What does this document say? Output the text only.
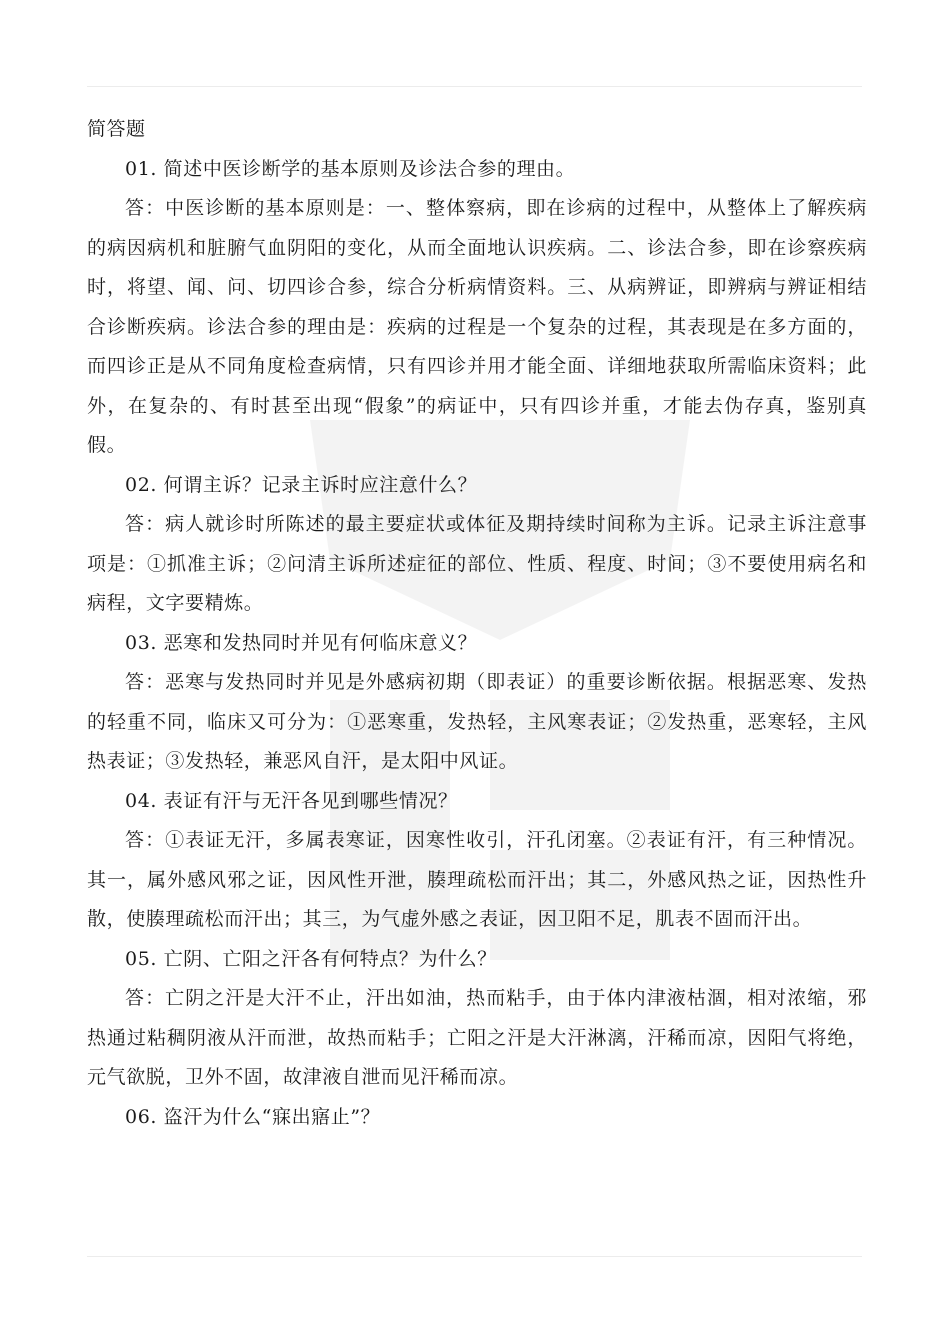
简答题

01. 简述中医诊断学的基本原则及诊法合参的理由。

答：中医诊断的基本原则是：一、整体察病，即在诊病的过程中，从整体上了解疾病的病因病机和脏腑气血阴阳的变化，从而全面地认识疾病。二、诊法合参，即在诊察疾病时，将望、闻、问、切四诊合参，综合分析病情资料。三、从病辨证，即辨病与辨证相结合诊断疾病。诊法合参的理由是：疾病的过程是一个复杂的过程，其表现是在多方面的，而四诊正是从不同角度检查病情，只有四诊并用才能全面、详细地获取所需临床资料；此外，在复杂的、有时甚至出现“假象”的病证中，只有四诊并重，才能去伪存真，鉴别真假。

02. 何谓主诉？记录主诉时应注意什么？

答：病人就诊时所陈述的最主要症状或体征及期持续时间称为主诉。记录主诉注意事项是：①抓准主诉；②问清主诉所述症征的部位、性质、程度、时间；③不要使用病名和病程，文字要精炼。

03. 恶寒和发热同时并见有何临床意义？

答：恶寒与发热同时并见是外感病初期（即表证）的重要诊断依据。根据恶寒、发热的轻重不同，临床又可分为：①恶寒重，发热轻，主风寒表证；②发热重，恶寒轻，主风热表证；③发热轻，兼恶风自汗，是太阳中风证。

04. 表证有汗与无汗各见到哪些情况？

答：①表证无汗，多属表寒证，因寒性收引，汗孔闭塞。②表证有汗，有三种情况。其一，属外感风邪之证，因风性开泄，腠理疏松而汗出；其二，外感风热之证，因热性升散，使腠理疏松而汗出；其三，为气虚外感之表证，因卫阳不足，肌表不固而汗出。

05. 亡阴、亡阳之汗各有何特点？为什么？

答：亡阴之汗是大汗不止，汗出如油，热而粘手，由于体内津液枯涸，相对浓缩，邪热通过粘稠阴液从汗而泄，故热而粘手；亡阳之汗是大汗淋漓，汗稀而凉，因阳气将绝，元气欲脱，卫外不固，故津液自泄而见汗稀而凉。

06. 盗汗为什么“寐出寤止”？
